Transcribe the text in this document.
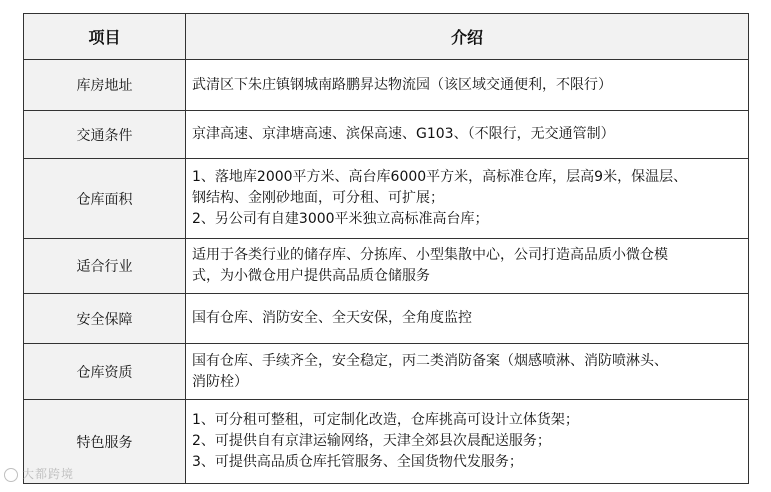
项目	介绍
库房地址	武清区下朱庄镇钢城南路鹏昇达物流园（该区域交通便利，不限行）

交通条件	京津高速、京津塘高速、滨保高速、G103、（不限行，无交通管制）

仓库面积	1、落地库2000平方米、高台库6000平方米，高标准仓库，层高9米，保温层、
钢结构、金刚砂地面，可分租、可扩展；
2、另公司有自建3000平米独立高标准高台库；

适合行业	适用于各类行业的储存库、分拣库、小型集散中心，公司打造高品质小微仓模
式，为小微仓用户提供高品质仓储服务

安全保障	国有仓库、消防安全、全天安保，全角度监控

仓库资质	国有仓库、手续齐全，安全稳定，丙二类消防备案（烟感喷淋、消防喷淋头、
消防栓）

特色服务	1、可分租可整租，可定制化改造，仓库挑高可设计立体货架；
2、可提供自有京津运输网络，天津全郊县次晨配送服务；
3、可提供高品质仓库托管服务、全国货物代发服务；
大都跨境
